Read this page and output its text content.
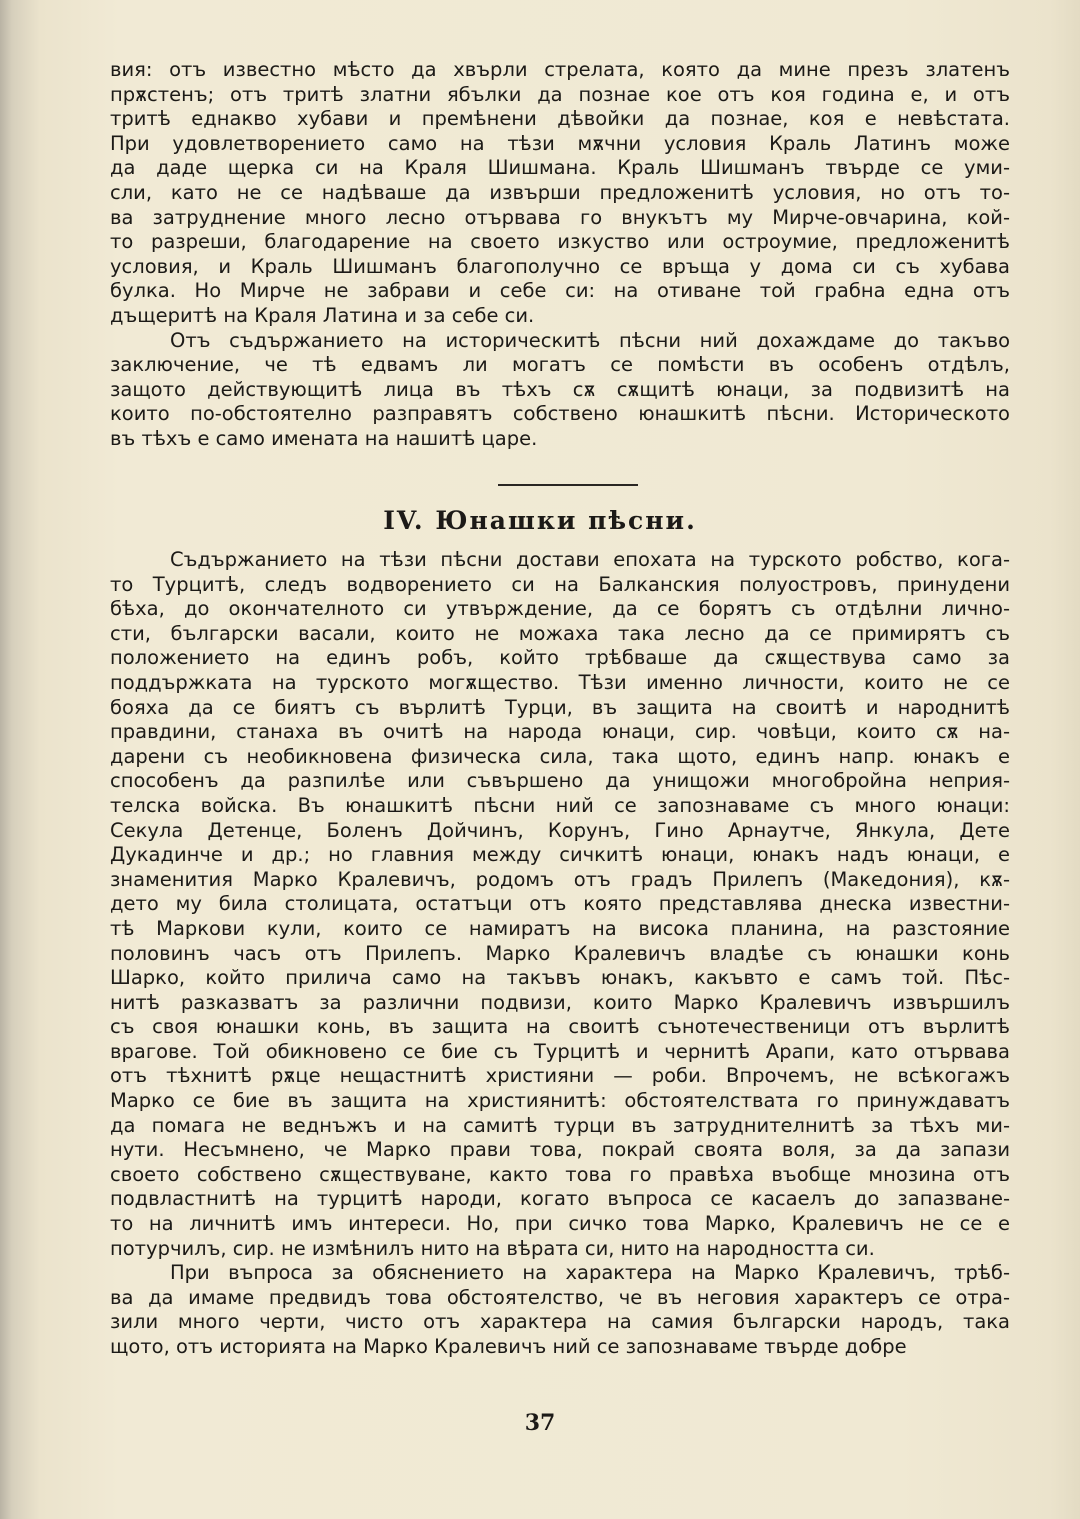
вия: отъ известно мѣсто да хвърли стрелата, която да мине презъ златенъ
прѫстенъ; отъ тритѣ златни ябълки да познае кое отъ коя година е, и отъ
тритѣ еднакво хубави и премѣнени дѣвойки да познае, коя е невѣстата.
При удовлетворението само на тѣзи мѫчни условия Краль Латинъ може
да даде щерка си на Краля Шишмана. Краль Шишманъ твърде се уми-
сли, като не се надѣваше да извърши предложенитѣ условия, но отъ то-
ва затруднение много лесно отървава го внукътъ му Мирче-овчарина, кой-
то разреши, благодарение на своето изкуство или остроумие, предложенитѣ
условия, и Краль Шишманъ благополучно се връща у дома си съ хубава
булка. Но Мирче не забрави и себе си: на отиване той грабна една отъ
дъщеритѣ на Краля Латина и за себе си.
Отъ съдържанието на историческитѣ пѣсни ний дохаждаме до такъво
заключение, че тѣ едвамъ ли могатъ се помѣсти въ особенъ отдѣлъ,
защото действующитѣ лица въ тѣхъ сѫ сѫщитѣ юнаци, за подвизитѣ на
които по-обстоятелно разправятъ собствено юнашкитѣ пѣсни. Историческото
въ тѣхъ е само имената на нашитѣ царе.
IV. Юнашки пѣсни.
Съдържанието на тѣзи пѣсни достави епохата на турското робство, кога-
то Турцитѣ, следъ водворението си на Балканския полуостровъ, принудени
бѣха, до окончателното си утвърждение, да се борятъ съ отдѣлни лично-
сти, български васали, които не можаха така лесно да се примирятъ съ
положението на единъ робъ, който трѣбваше да сѫществува само за
поддържката на турското могѫщество. Тѣзи именно личности, които не се
бояха да се биятъ съ върлитѣ Турци, въ защита на своитѣ и народнитѣ
правдини, станаха въ очитѣ на народа юнаци, сир. човѣци, които сѫ на-
дарени съ необикновена физическа сила, така щото, единъ напр. юнакъ е
способенъ да разпилѣе или съвършено да унищожи многобройна неприя-
телска войска. Въ юнашкитѣ пѣсни ний се запознаваме съ много юнаци:
Секула Детенце, Боленъ Дойчинъ, Корунъ, Гино Арнаутче, Янкула, Дете
Дукадинче и др.; но главния между сичкитѣ юнаци, юнакъ надъ юнаци, е
знаменития Марко Кралевичъ, родомъ отъ градъ Прилепъ (Македония), кѫ-
дето му била столицата, остатъци отъ която представлява днеска известни-
тѣ Маркови кули, които се намиратъ на висока планина, на разстояние
половинъ часъ отъ Прилепъ. Марко Кралевичъ владѣе съ юнашки конь
Шарко, който прилича само на такъвъ юнакъ, какъвто е самъ той. Пѣс-
нитѣ разказватъ за различни подвизи, които Марко Кралевичъ извършилъ
съ своя юнашки конь, въ защита на своитѣ сънотечественици отъ върлитѣ
врагове. Той обикновено се бие съ Турцитѣ и чернитѣ Арапи, като отървава
отъ тѣхнитѣ рѫце нещастнитѣ християни — роби. Впрочемъ, не всѣкогажъ
Марко се бие въ защита на християнитѣ: обстоятелствата го принуждаватъ
да помага не веднъжъ и на самитѣ турци въ затруднителнитѣ за тѣхъ ми-
нути. Несъмнено, че Марко прави това, покрай своята воля, за да запази
своето собствено сѫществуване, както това го правѣха въобще мнозина отъ
подвластнитѣ на турцитѣ народи, когато въпроса се касаелъ до запазване-
то на личнитѣ имъ интереси. Но, при сичко това Марко, Кралевичъ не се е
потурчилъ, сир. не измѣнилъ нито на вѣрата си, нито на народността си.
При въпроса за обяснението на характера на Марко Кралевичъ, трѣб-
ва да имаме предвидъ това обстоятелство, че въ неговия характеръ се отра-
зили много черти, чисто отъ характера на самия български народъ, така
щото, отъ историята на Марко Кралевичъ ний се запознаваме твърде добре
37
